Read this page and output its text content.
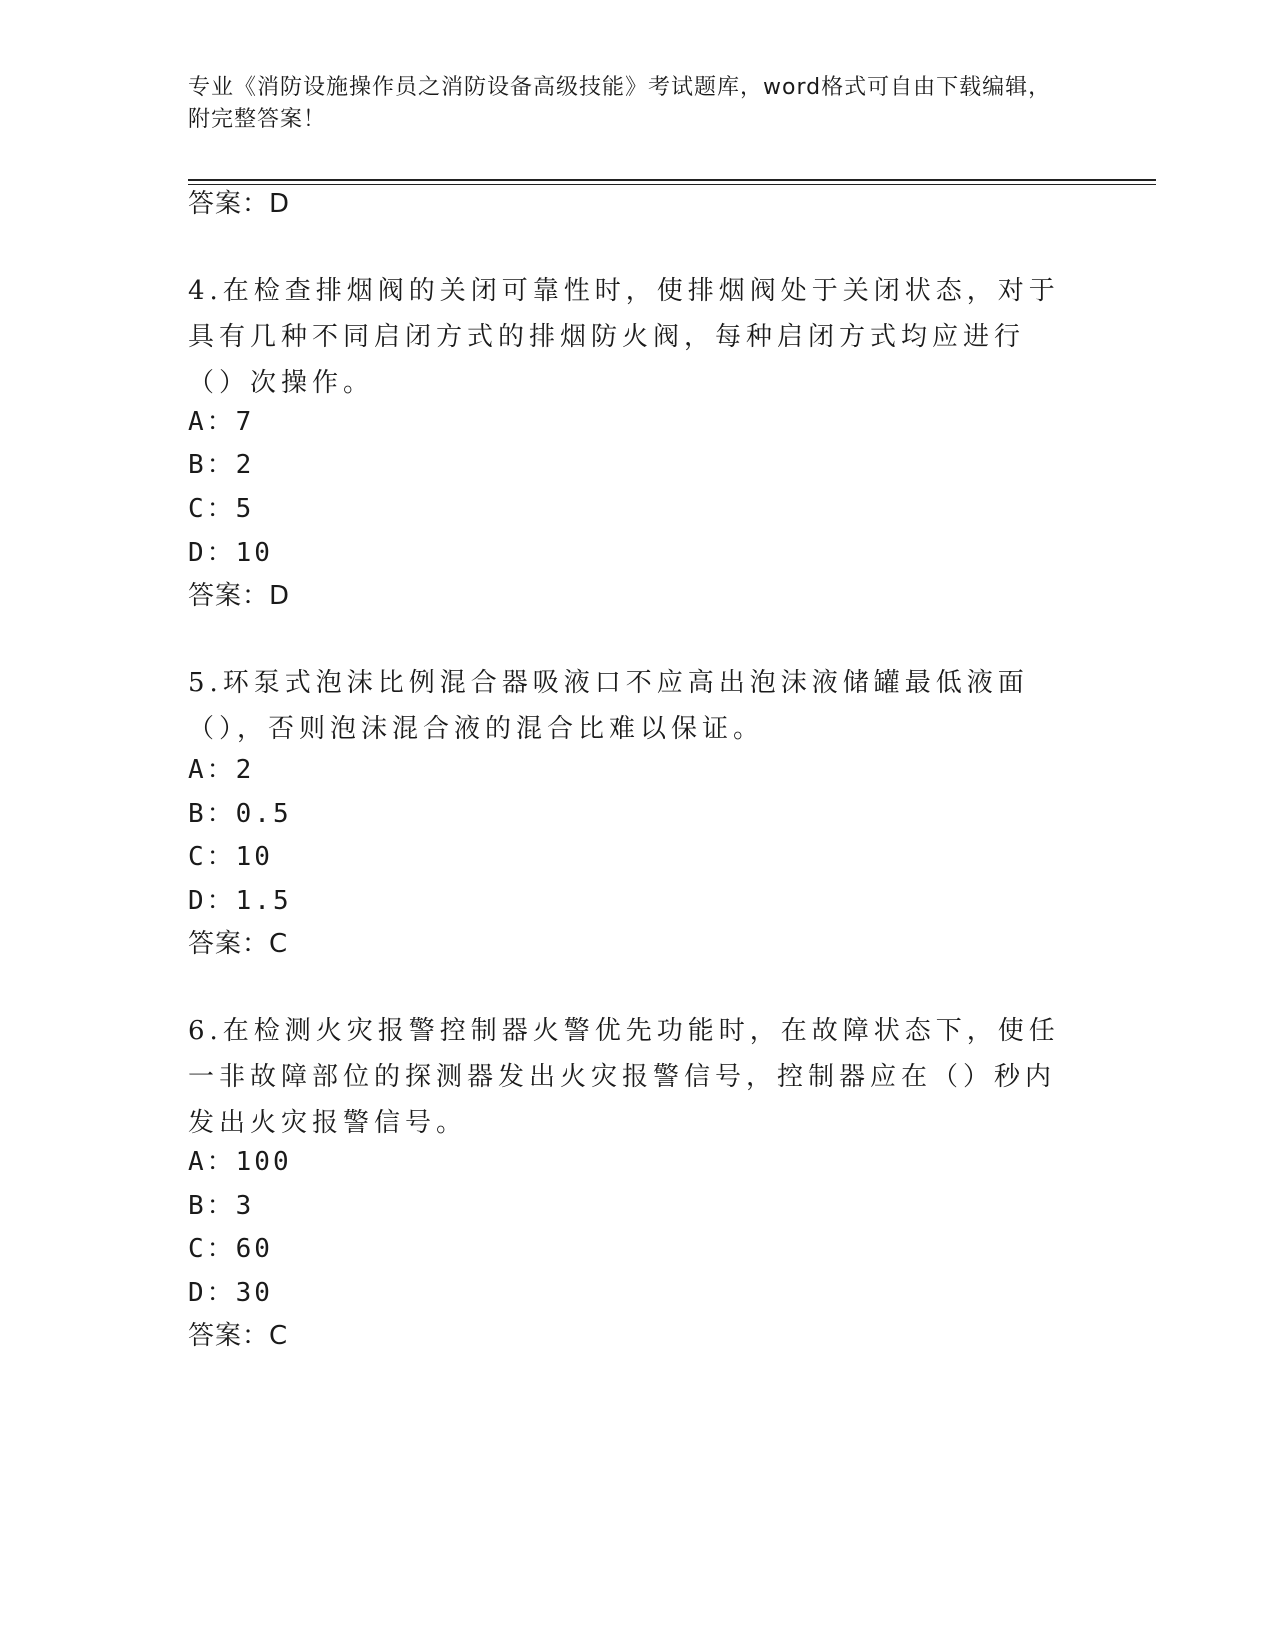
专业《消防设施操作员之消防设备高级技能》考试题库，word格式可自由下载编辑，附完整答案！
答案：D
4.在检查排烟阀的关闭可靠性时，使排烟阀处于关闭状态，对于具有几种不同启闭方式的排烟防火阀，每种启闭方式均应进行（）次操作。
A：7
B：2
C：5
D：10
答案：D
5.环泵式泡沫比例混合器吸液口不应高出泡沫液储罐最低液面（），否则泡沫混合液的混合比难以保证。
A：2
B：0.5
C：10
D：1.5
答案：C
6.在检测火灾报警控制器火警优先功能时，在故障状态下，使任一非故障部位的探测器发出火灾报警信号，控制器应在（）秒内发出火灾报警信号。
A：100
B：3
C：60
D：30
答案：C
